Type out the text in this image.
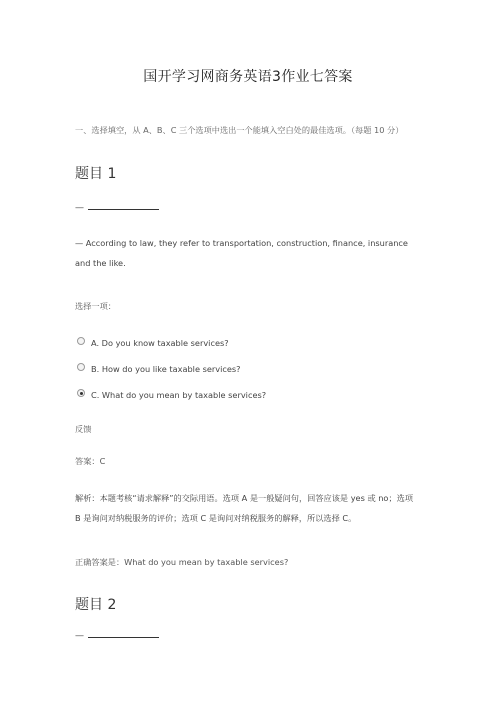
国开学习网商务英语3作业七答案
一、选择填空，从 A、B、C 三个选项中选出一个能填入空白处的最佳选项。（每题 10 分）
题目 1
—
— According to law, they refer to transportation, construction, finance, insurance and the like.
选择一项：
A. Do you know taxable services?
B. How do you like taxable services?
C. What do you mean by taxable services?
反馈
答案：C
解析：本题考核“请求解释”的交际用语。选项 A 是一般疑问句，回答应该是 yes 或 no；选项 B 是询问对纳税服务的评价；选项 C 是询问对纳税服务的解释，所以选择 C。
正确答案是：What do you mean by taxable services?
题目 2
—
